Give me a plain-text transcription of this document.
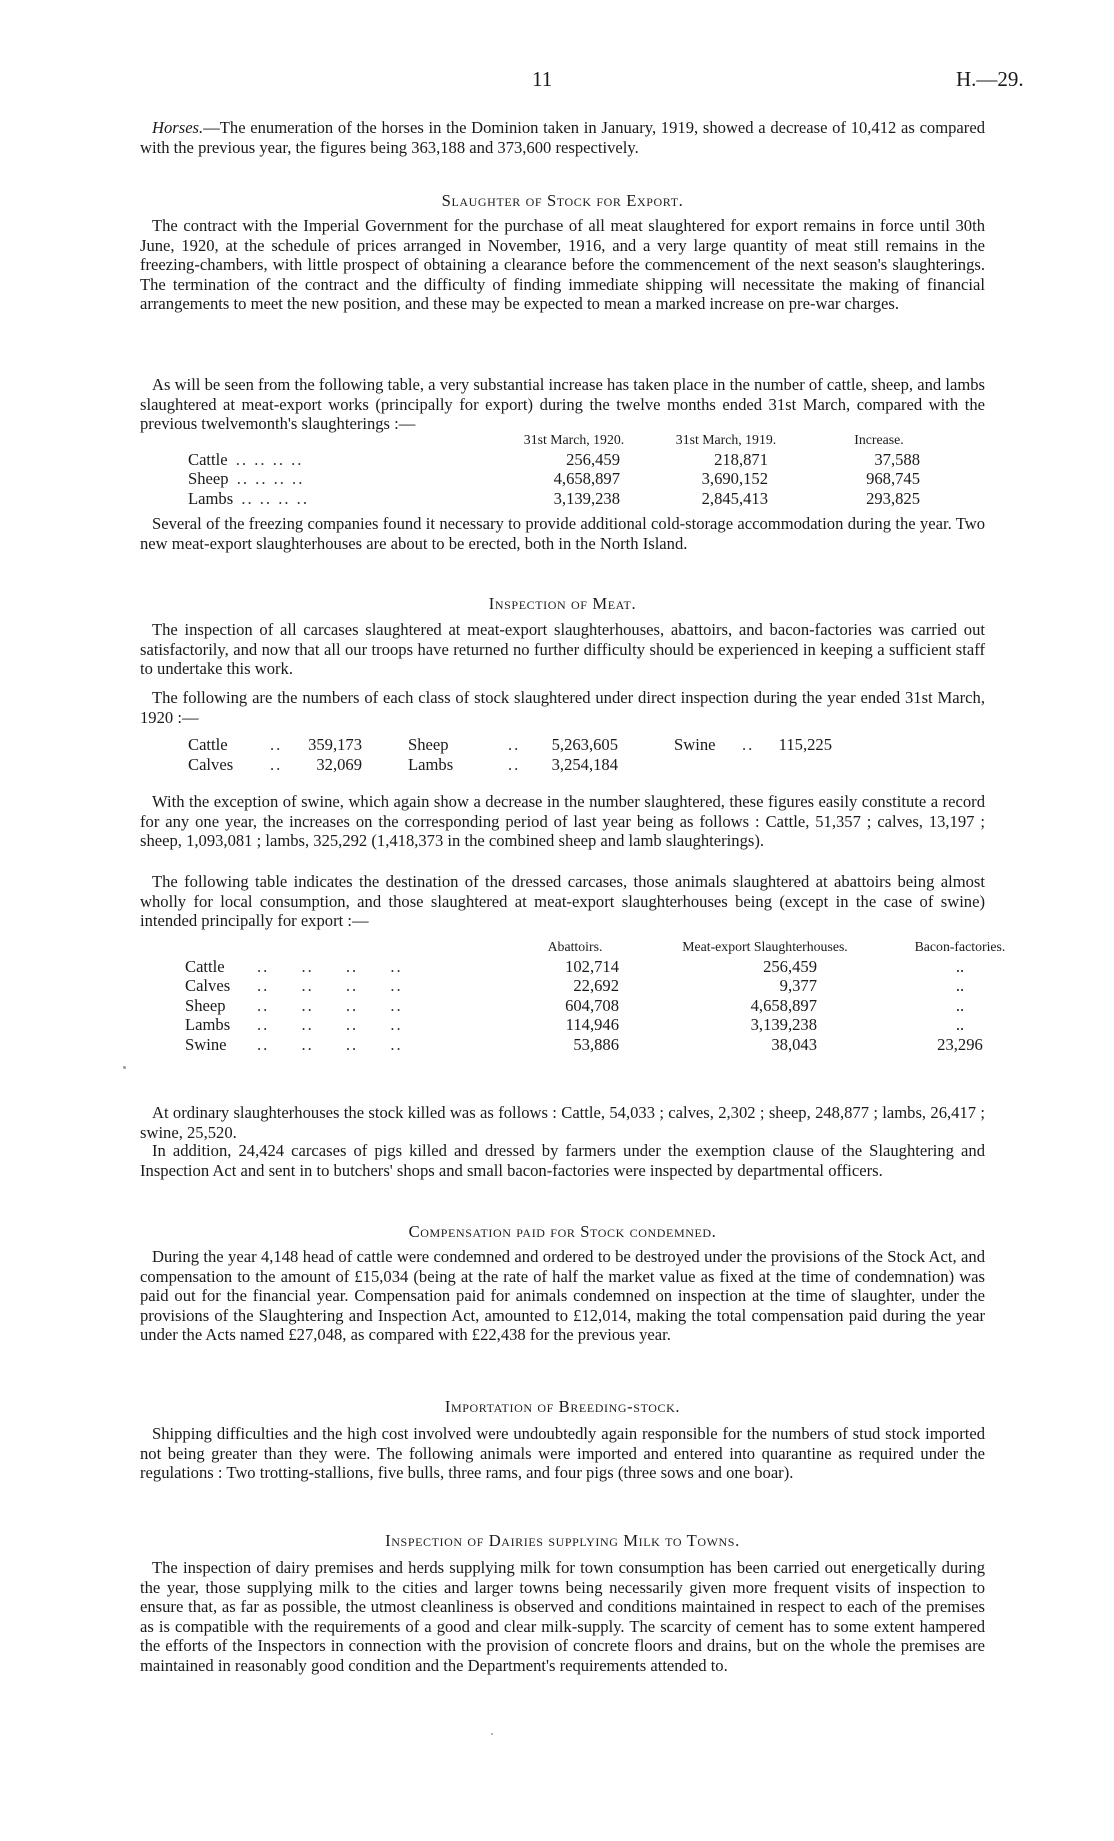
11	H.—29.

Horses.—The enumeration of the horses in the Dominion taken in January, 1919, showed a decrease of 10,412 as compared with the previous year, the figures being 363,188 and 373,600 respectively.

Slaughter of Stock for Export.

The contract with the Imperial Government for the purchase of all meat slaughtered for export remains in force until 30th June, 1920, at the schedule of prices arranged in November, 1916, and a very large quantity of meat still remains in the freezing-chambers, with little prospect of obtaining a clearance before the commencement of the next season's slaughterings. The termination of the contract and the difficulty of finding immediate shipping will necessitate the making of financial arrangements to meet the new position, and these may be expected to mean a marked increase on pre-war charges.

As will be seen from the following table, a very substantial increase has taken place in the number of cattle, sheep, and lambs slaughtered at meat-export works (principally for export) during the twelve months ended 31st March, compared with the previous twelvemonth's slaughterings :—

	31st March, 1920.	31st March, 1919.	Increase.
Cattle .. .. .. ..	256,459	218,871	37,588
Sheep .. .. .. ..	4,658,897	3,690,152	968,745
Lambs .. .. .. ..	3,139,238	2,845,413	293,825

Several of the freezing companies found it necessary to provide additional cold-storage accommodation during the year. Two new meat-export slaughterhouses are about to be erected, both in the North Island.

Inspection of Meat.

The inspection of all carcases slaughtered at meat-export slaughterhouses, abattoirs, and bacon-factories was carried out satisfactorily, and now that all our troops have returned no further difficulty should be experienced in keeping a sufficient staff to undertake this work.

The following are the numbers of each class of stock slaughtered under direct inspection during the year ended 31st March, 1920 :—

Cattle	..	359,173		Sheep	..	5,263,605		Swine	..	115,225
Calves	..	32,069		Lambs	..	3,254,184				

With the exception of swine, which again show a decrease in the number slaughtered, these figures easily constitute a record for any one year, the increases on the corresponding period of last year being as follows : Cattle, 51,357 ; calves, 13,197 ; sheep, 1,093,081 ; lambs, 325,292 (1,418,373 in the combined sheep and lamb slaughterings).

The following table indicates the destination of the dressed carcases, those animals slaughtered at abattoirs being almost wholly for local consumption, and those slaughtered at meat-export slaughterhouses being (except in the case of swine) intended principally for export :—

	Abattoirs.	Meat-export Slaughterhouses.	Bacon-factories.
Cattle .. .. .. ..	102,714	256,459	..
Calves .. .. .. ..	22,692	9,377	..
Sheep .. .. .. ..	604,708	4,658,897	..
Lambs .. .. .. ..	114,946	3,139,238	..
Swine .. .. .. ..	53,886	38,043	23,296

At ordinary slaughterhouses the stock killed was as follows : Cattle, 54,033 ; calves, 2,302 ; sheep, 248,877 ; lambs, 26,417 ; swine, 25,520.

In addition, 24,424 carcases of pigs killed and dressed by farmers under the exemption clause of the Slaughtering and Inspection Act and sent in to butchers' shops and small bacon-factories were inspected by departmental officers.

Compensation paid for Stock condemned.

During the year 4,148 head of cattle were condemned and ordered to be destroyed under the provisions of the Stock Act, and compensation to the amount of £15,034 (being at the rate of half the market value as fixed at the time of condemnation) was paid out for the financial year. Compensation paid for animals condemned on inspection at the time of slaughter, under the provisions of the Slaughtering and Inspection Act, amounted to £12,014, making the total compensation paid during the year under the Acts named £27,048, as compared with £22,438 for the previous year.

Importation of Breeding-stock.

Shipping difficulties and the high cost involved were undoubtedly again responsible for the numbers of stud stock imported not being greater than they were. The following animals were imported and entered into quarantine as required under the regulations : Two trotting-stallions, five bulls, three rams, and four pigs (three sows and one boar).

Inspection of Dairies supplying Milk to Towns.

The inspection of dairy premises and herds supplying milk for town consumption has been carried out energetically during the year, those supplying milk to the cities and larger towns being necessarily given more frequent visits of inspection to ensure that, as far as possible, the utmost cleanliness is observed and conditions maintained in respect to each of the premises as is compatible with the requirements of a good and clear milk-supply. The scarcity of cement has to some extent hampered the efforts of the Inspectors in connection with the provision of concrete floors and drains, but on the whole the premises are maintained in reasonably good condition and the Department's requirements attended to.
